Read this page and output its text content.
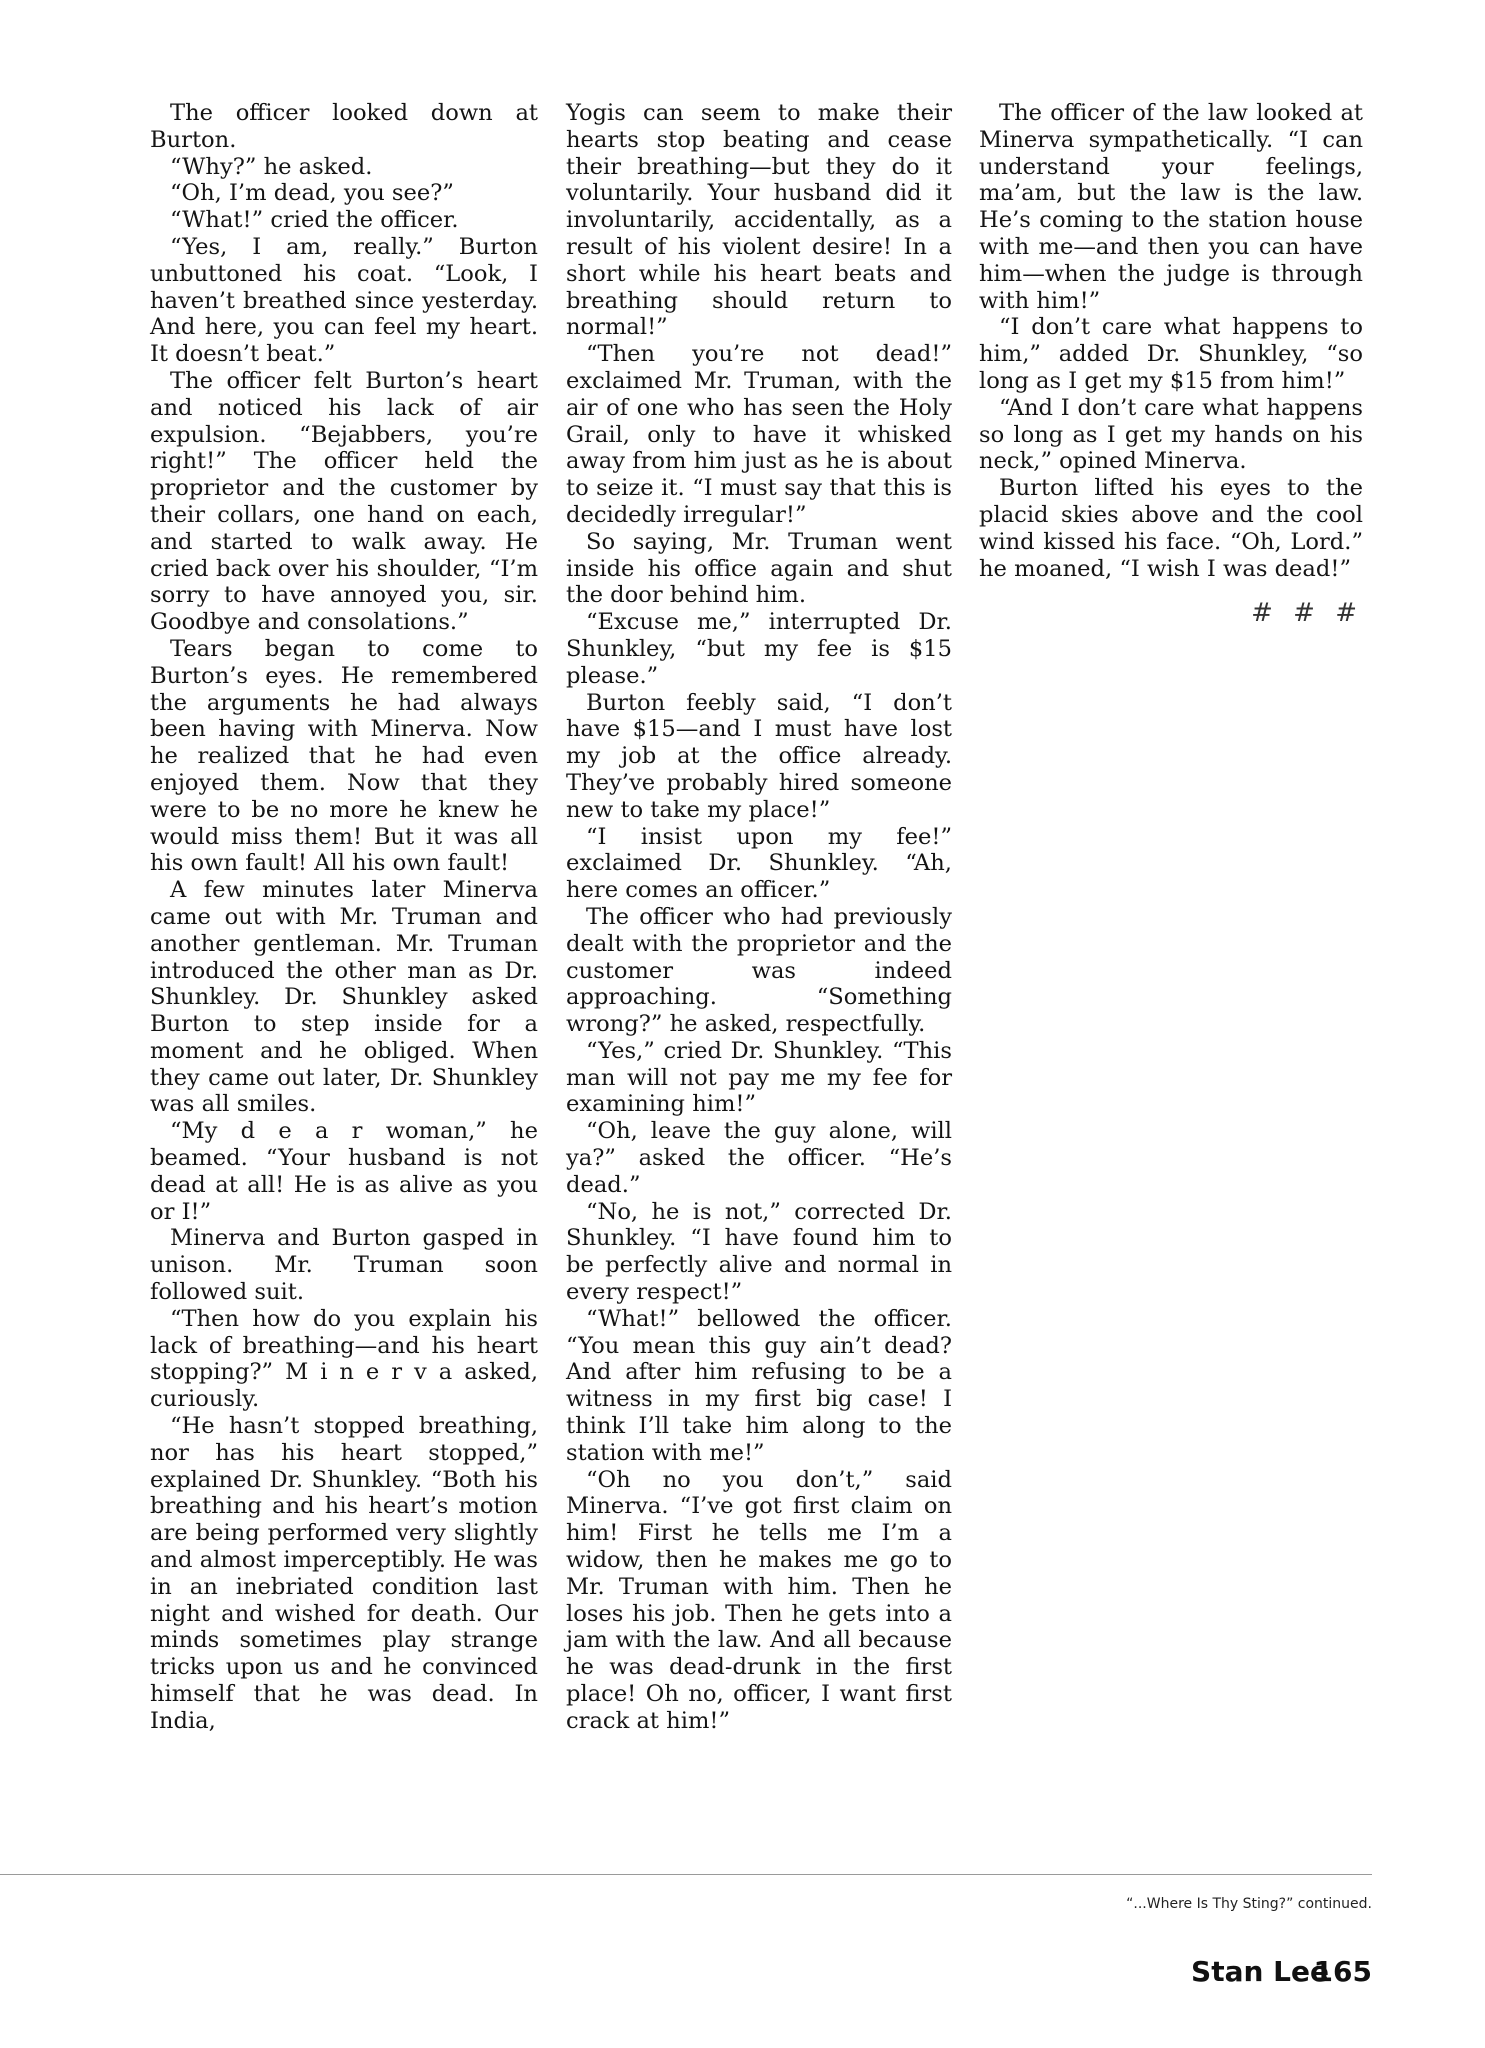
The officer looked down at Burton.

“Why?” he asked.

“Oh, I’m dead, you see?”

“What!” cried the officer.

“Yes, I am, really.” Burton unbuttoned his coat. “Look, I haven’t breathed since yesterday. And here, you can feel my heart. It doesn’t beat.”

The officer felt Burton’s heart and noticed his lack of air expulsion. “Bejabbers, you’re right!” The officer held the proprietor and the customer by their collars, one hand on each, and started to walk away. He cried back over his shoulder, “I’m sorry to have annoyed you, sir. Goodbye and consolations.”

Tears began to come to Burton’s eyes. He remembered the arguments he had always been having with Minerva. Now he realized that he had even enjoyed them. Now that they were to be no more he knew he would miss them! But it was all his own fault! All his own fault!

A few minutes later Minerva came out with Mr. Truman and another gentleman. Mr. Truman introduced the other man as Dr. Shunkley. Dr. Shunkley asked Burton to step inside for a moment and he obliged. When they came out later, Dr. Shunkley was all smiles.

“My d e a r woman,” he beamed. “Your husband is not dead at all! He is as alive as you or I!”

Minerva and Burton gasped in unison. Mr. Truman soon followed suit.

“Then how do you explain his lack of breathing—and his heart stopping?” M i n e r v a asked, curiously.

“He hasn’t stopped breathing, nor has his heart stopped,” explained Dr. Shunkley. “Both his breathing and his heart’s motion are being performed very slightly and almost imperceptibly. He was in an inebriated condition last night and wished for death. Our minds sometimes play strange tricks upon us and he convinced himself that he was dead. In India,

Yogis can seem to make their hearts stop beating and cease their breathing—but they do it voluntarily. Your husband did it involuntarily, accidentally, as a result of his violent desire! In a short while his heart beats and breathing should return to normal!”

“Then you’re not dead!” exclaimed Mr. Truman, with the air of one who has seen the Holy Grail, only to have it whisked away from him just as he is about to seize it. “I must say that this is decidedly irregular!”

So saying, Mr. Truman went inside his office again and shut the door behind him.

“Excuse me,” interrupted Dr. Shunkley, “but my fee is $15 please.”

Burton feebly said, “I don’t have $15—and I must have lost my job at the office already. They’ve probably hired someone new to take my place!”

“I insist upon my fee!” exclaimed Dr. Shunkley. “Ah, here comes an officer.”

The officer who had previously dealt with the proprietor and the customer was indeed approaching. “Something wrong?” he asked, respectfully.

“Yes,” cried Dr. Shunkley. “This man will not pay me my fee for examining him!”

“Oh, leave the guy alone, will ya?” asked the officer. “He’s dead.”

“No, he is not,” corrected Dr. Shunkley. “I have found him to be perfectly alive and normal in every respect!”

“What!” bellowed the officer. “You mean this guy ain’t dead? And after him refusing to be a witness in my first big case! I think I’ll take him along to the station with me!”

“Oh no you don’t,” said Minerva. “I’ve got first claim on him! First he tells me I’m a widow, then he makes me go to Mr. Truman with him. Then he loses his job. Then he gets into a jam with the law. And all because he was dead-drunk in the first place! Oh no, officer, I want first crack at him!”

The officer of the law looked at Minerva sympathetically. “I can understand your feelings, ma’am, but the law is the law. He’s coming to the station house with me—and then you can have him—when the judge is through with him!”

“I don’t care what happens to him,” added Dr. Shunkley, “so long as I get my $15 from him!”

“And I don’t care what happens so long as I get my hands on his neck,” opined Minerva.

Burton lifted his eyes to the placid skies above and the cool wind kissed his face. “Oh, Lord.” he moaned, “I wish I was dead!”

# # #
“...Where Is Thy Sting?” continued.
Stan Lee
165
